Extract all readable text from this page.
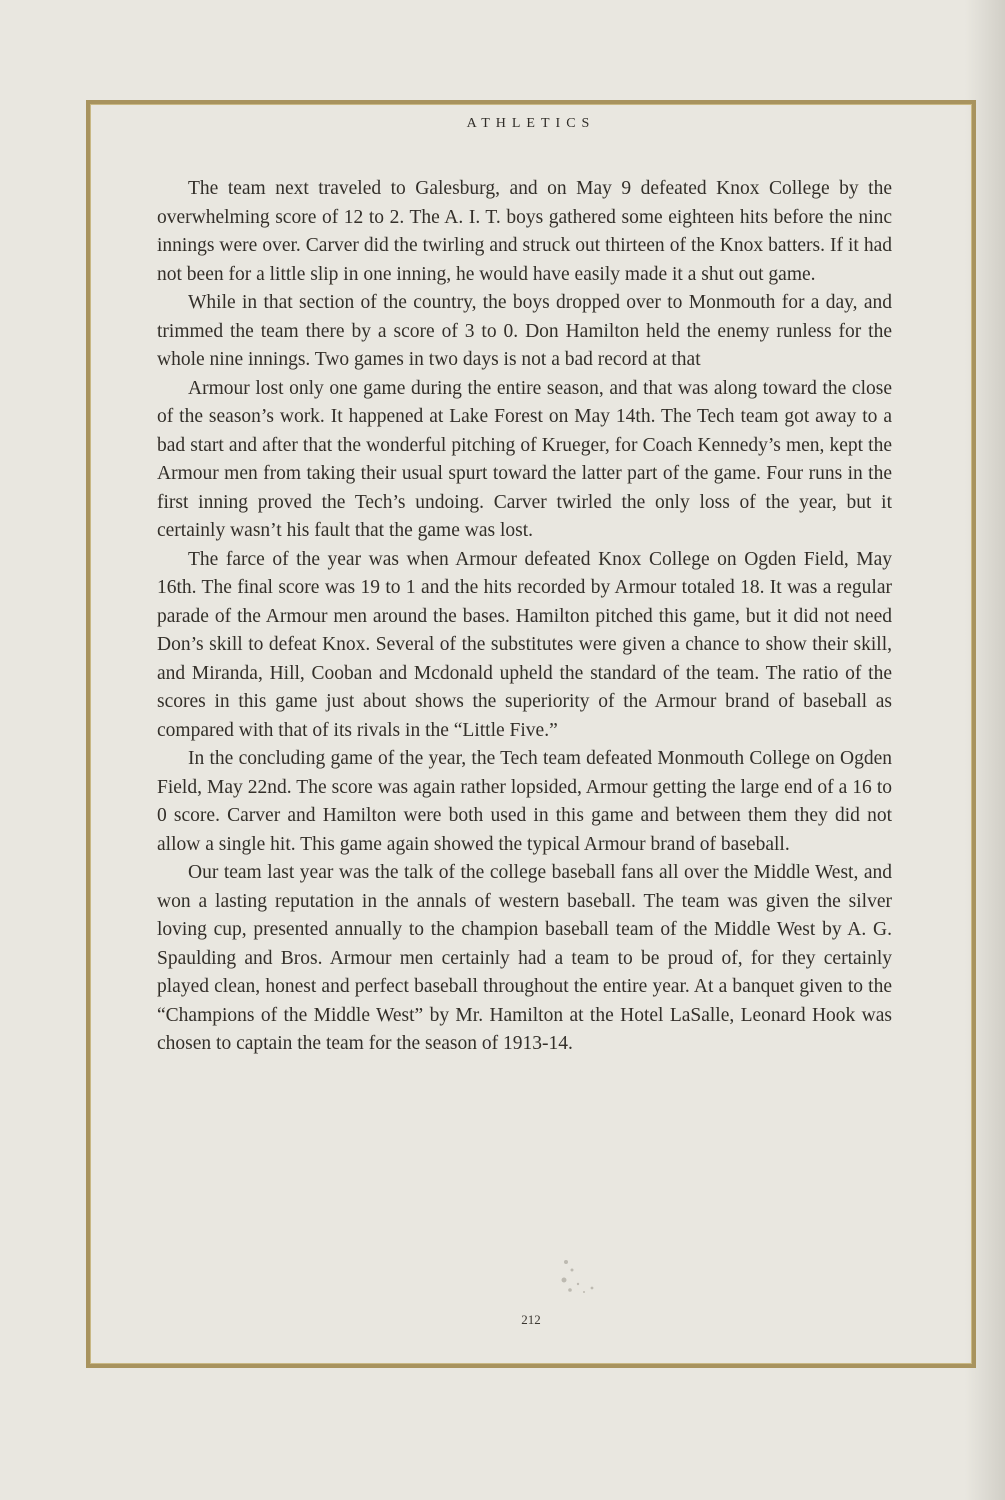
ATHLETICS

The team next traveled to Galesburg, and on May 9 defeated Knox College by the overwhelming score of 12 to 2. The A. I. T. boys gathered some eighteen hits before the ninc innings were over. Carver did the twirling and struck out thirteen of the Knox batters. If it had not been for a little slip in one inning, he would have easily made it a shut out game.

While in that section of the country, the boys dropped over to Monmouth for a day, and trimmed the team there by a score of 3 to 0. Don Hamilton held the enemy runless for the whole nine innings. Two games in two days is not a bad record at that

Armour lost only one game during the entire season, and that was along toward the close of the season’s work. It happened at Lake Forest on May 14th. The Tech team got away to a bad start and after that the wonderful pitching of Krueger, for Coach Kennedy’s men, kept the Armour men from taking their usual spurt toward the latter part of the game. Four runs in the first inning proved the Tech’s undoing. Carver twirled the only loss of the year, but it certainly wasn’t his fault that the game was lost.

The farce of the year was when Armour defeated Knox College on Ogden Field, May 16th. The final score was 19 to 1 and the hits recorded by Armour totaled 18. It was a regular parade of the Armour men around the bases. Hamilton pitched this game, but it did not need Don’s skill to defeat Knox. Several of the substitutes were given a chance to show their skill, and Miranda, Hill, Cooban and Mcdonald upheld the standard of the team. The ratio of the scores in this game just about shows the superiority of the Armour brand of baseball as compared with that of its rivals in the “Little Five.”

In the concluding game of the year, the Tech team defeated Monmouth College on Ogden Field, May 22nd. The score was again rather lopsided, Armour getting the large end of a 16 to 0 score. Carver and Hamilton were both used in this game and between them they did not allow a single hit. This game again showed the typical Armour brand of baseball.

Our team last year was the talk of the college baseball fans all over the Middle West, and won a lasting reputation in the annals of western baseball. The team was given the silver loving cup, presented annually to the champion baseball team of the Middle West by A. G. Spaulding and Bros. Armour men certainly had a team to be proud of, for they certainly played clean, honest and perfect baseball throughout the entire year. At a banquet given to the “Champions of the Middle West” by Mr. Hamilton at the Hotel LaSalle, Leonard Hook was chosen to captain the team for the season of 1913-14.

212
